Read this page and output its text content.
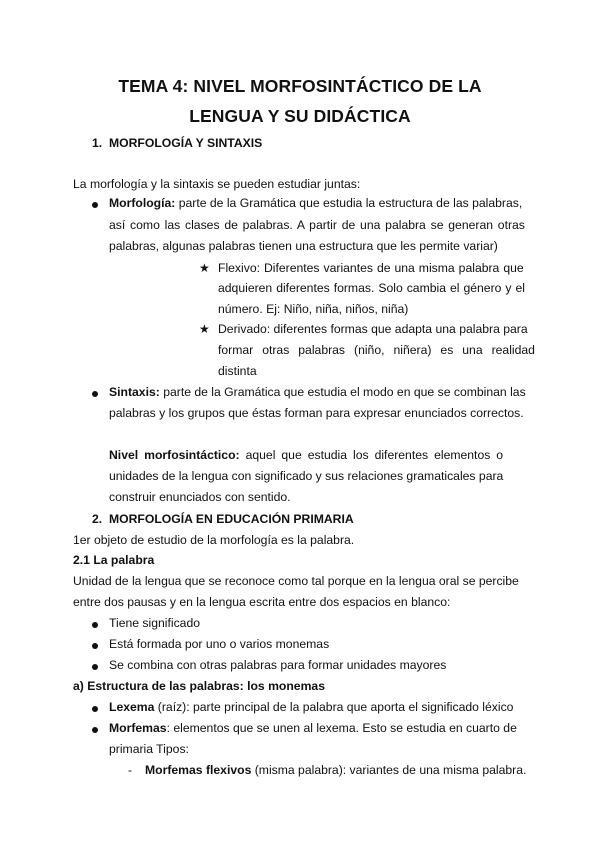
TEMA 4: NIVEL MORFOSINTÁCTICO DE LA
LENGUA Y SU DIDÁCTICA
1. MORFOLOGÍA Y SINTAXIS
La morfología y la sintaxis se pueden estudiar juntas:
Morfología: parte de la Gramática que estudia la estructura de las palabras,
así como las clases de palabras. A partir de una palabra se generan otras
palabras, algunas palabras tienen una estructura que les permite variar)
★ Flexivo: Diferentes variantes de una misma palabra que
adquieren diferentes formas. Solo cambia el género y el
número. Ej: Niño, niña, niños, niña)
★ Derivado: diferentes formas que adapta una palabra para
formar otras palabras (niño, niñera) es una realidad
distinta
Sintaxis: parte de la Gramática que estudia el modo en que se combinan las
palabras y los grupos que éstas forman para expresar enunciados correctos.
Nivel morfosintáctico: aquel que estudia los diferentes elementos o
unidades de la lengua con significado y sus relaciones gramaticales para
construir enunciados con sentido.
2. MORFOLOGÍA EN EDUCACIÓN PRIMARIA
1er objeto de estudio de la morfología es la palabra.
2.1 La palabra
Unidad de la lengua que se reconoce como tal porque en la lengua oral se percibe
entre dos pausas y en la lengua escrita entre dos espacios en blanco:
Tiene significado
Está formada por uno o varios monemas
Se combina con otras palabras para formar unidades mayores
a) Estructura de las palabras: los monemas
Lexema (raíz): parte principal de la palabra que aporta el significado léxico
Morfemas: elementos que se unen al lexema. Esto se estudia en cuarto de
primaria Tipos:
- Morfemas flexivos (misma palabra): variantes de una misma palabra.
